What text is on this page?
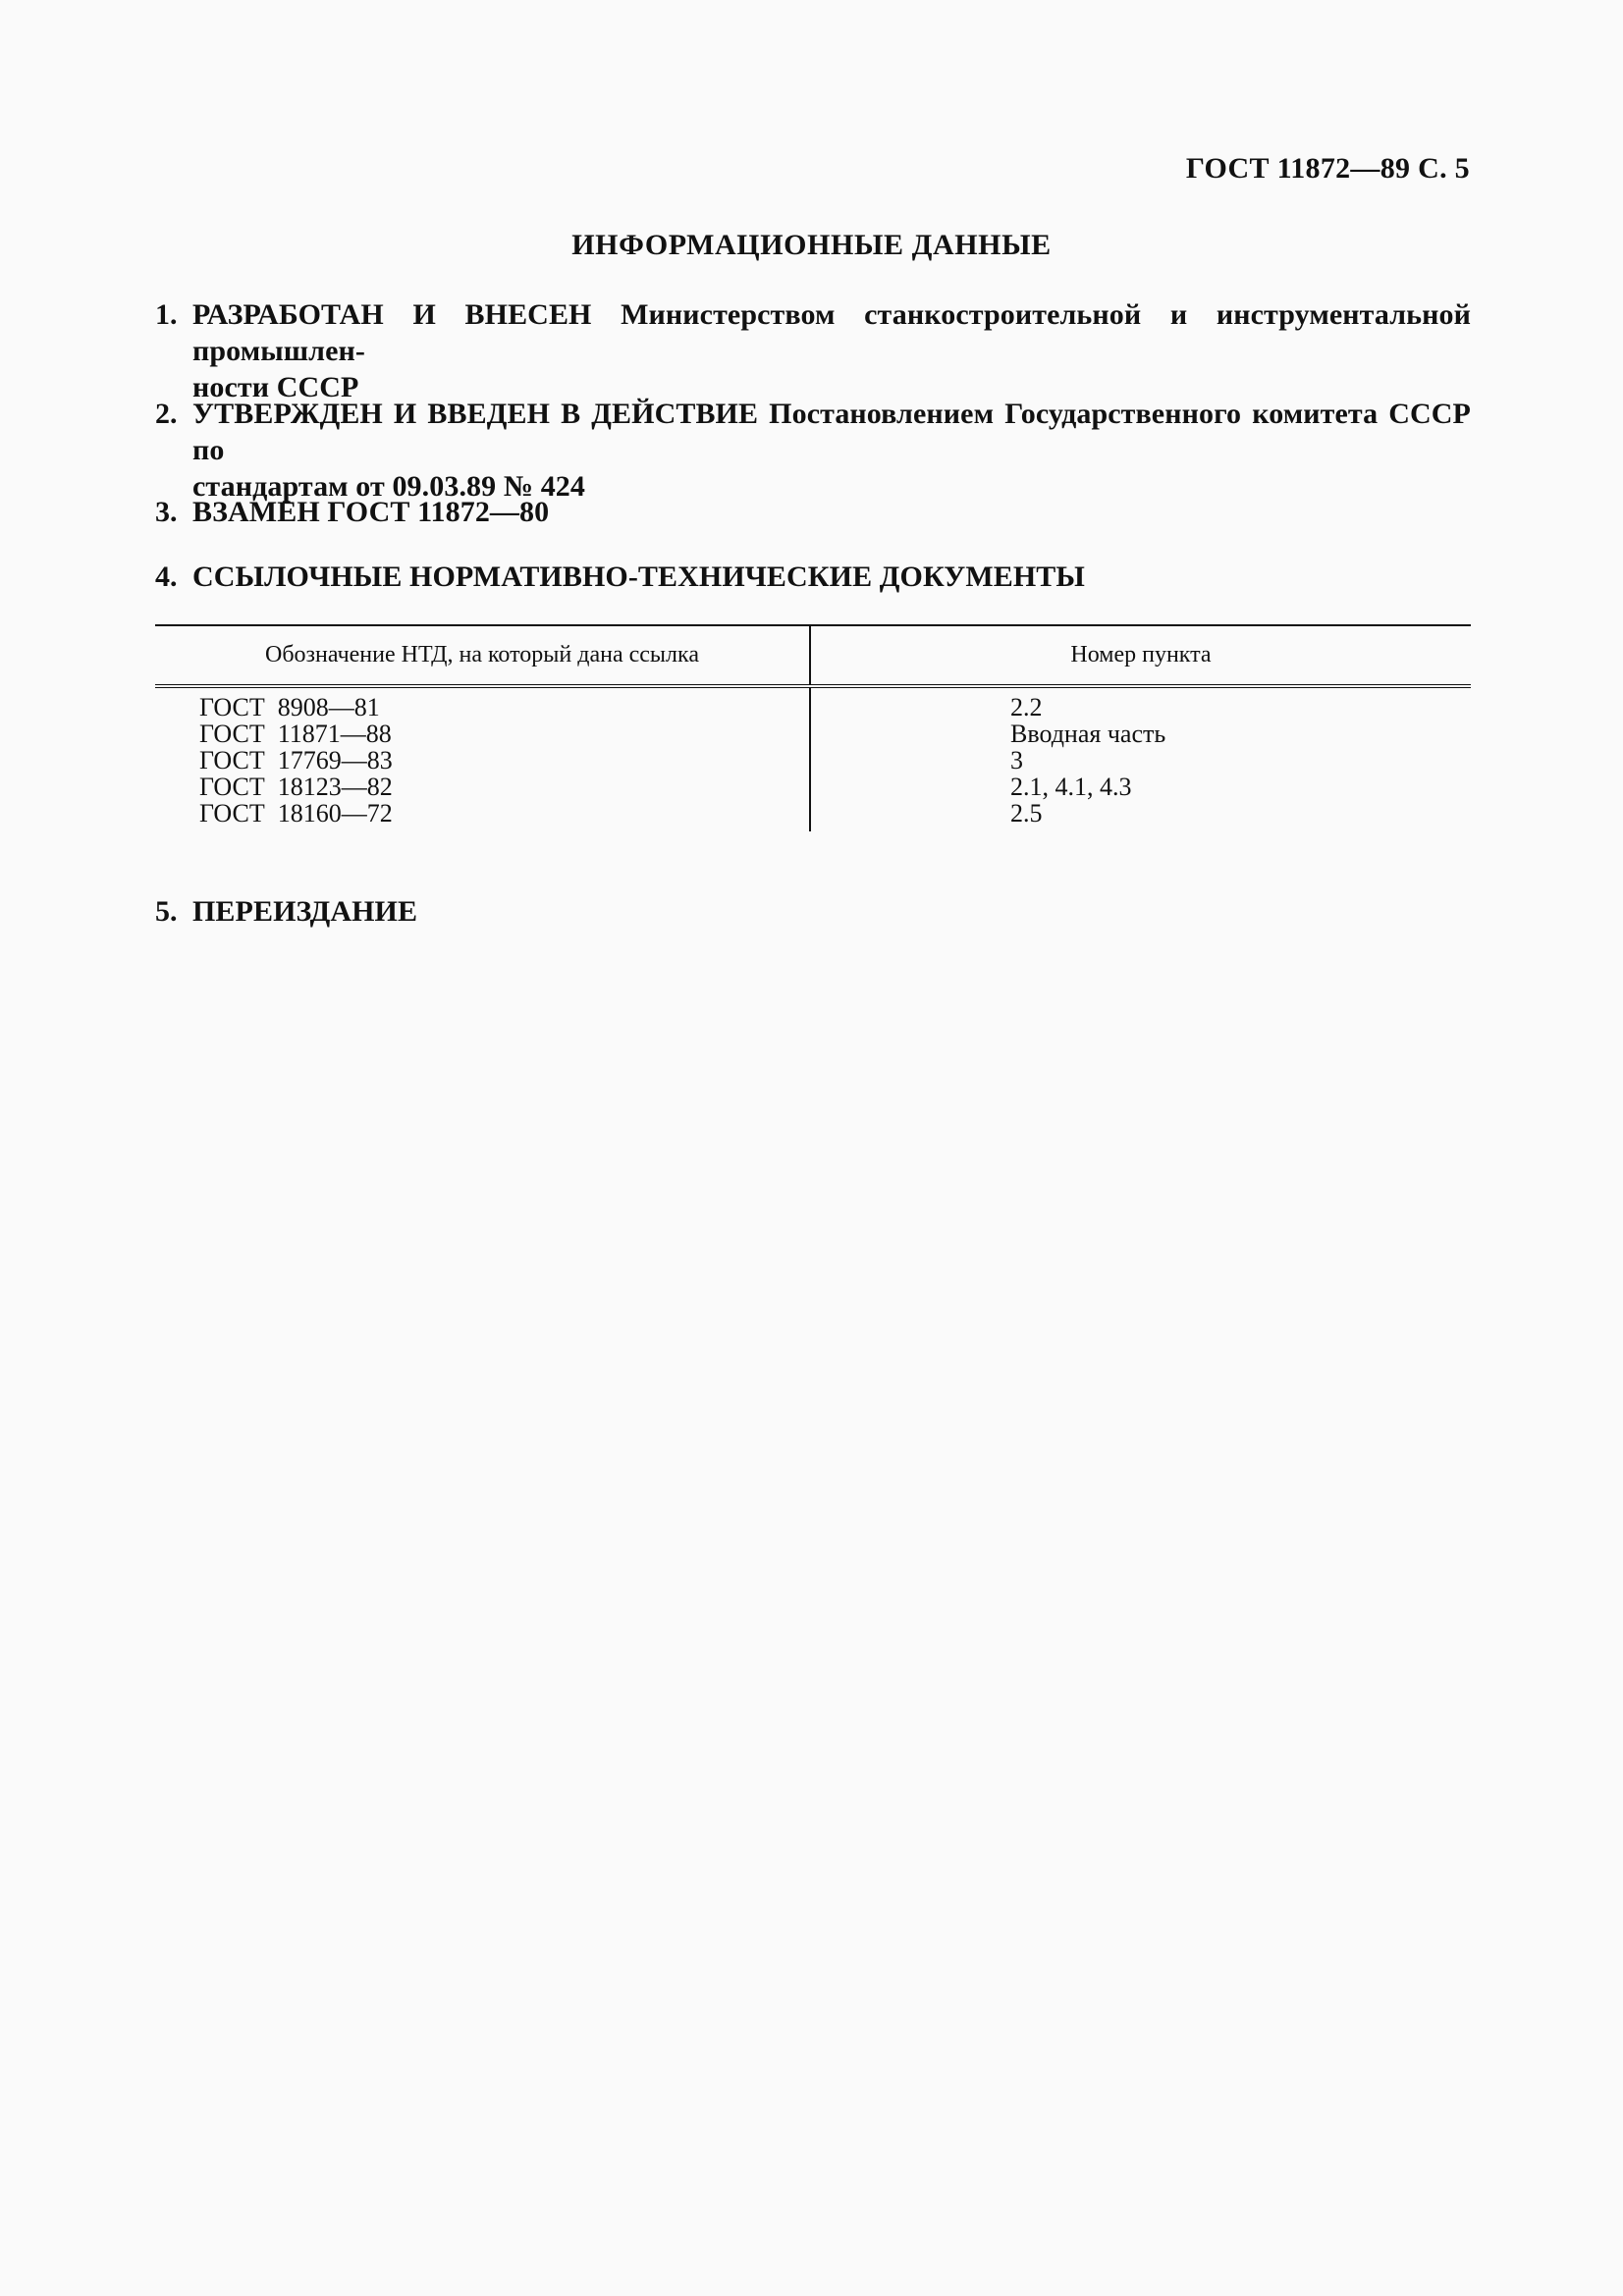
ГОСТ 11872—89 С. 5
ИНФОРМАЦИОННЫЕ ДАННЫЕ
1. РАЗРАБОТАН И ВНЕСЕН Министерством станкостроительной и инструментальной промышлен-
ности СССР
2. УТВЕРЖДЕН И ВВЕДЕН В ДЕЙСТВИЕ Постановлением Государственного комитета СССР по
стандартам от 09.03.89 № 424
3. ВЗАМЕН ГОСТ 11872—80
4. ССЫЛОЧНЫЕ НОРМАТИВНО-ТЕХНИЧЕСКИЕ ДОКУМЕНТЫ
Обозначение НТД, на который дана ссылка	Номер пункта
ГОСТ  8908—81
ГОСТ  11871—88
ГОСТ  17769—83
ГОСТ  18123—82
ГОСТ  18160—72
2.2
Вводная часть
3
2.1, 4.1, 4.3
2.5
5. ПЕРЕИЗДАНИЕ
